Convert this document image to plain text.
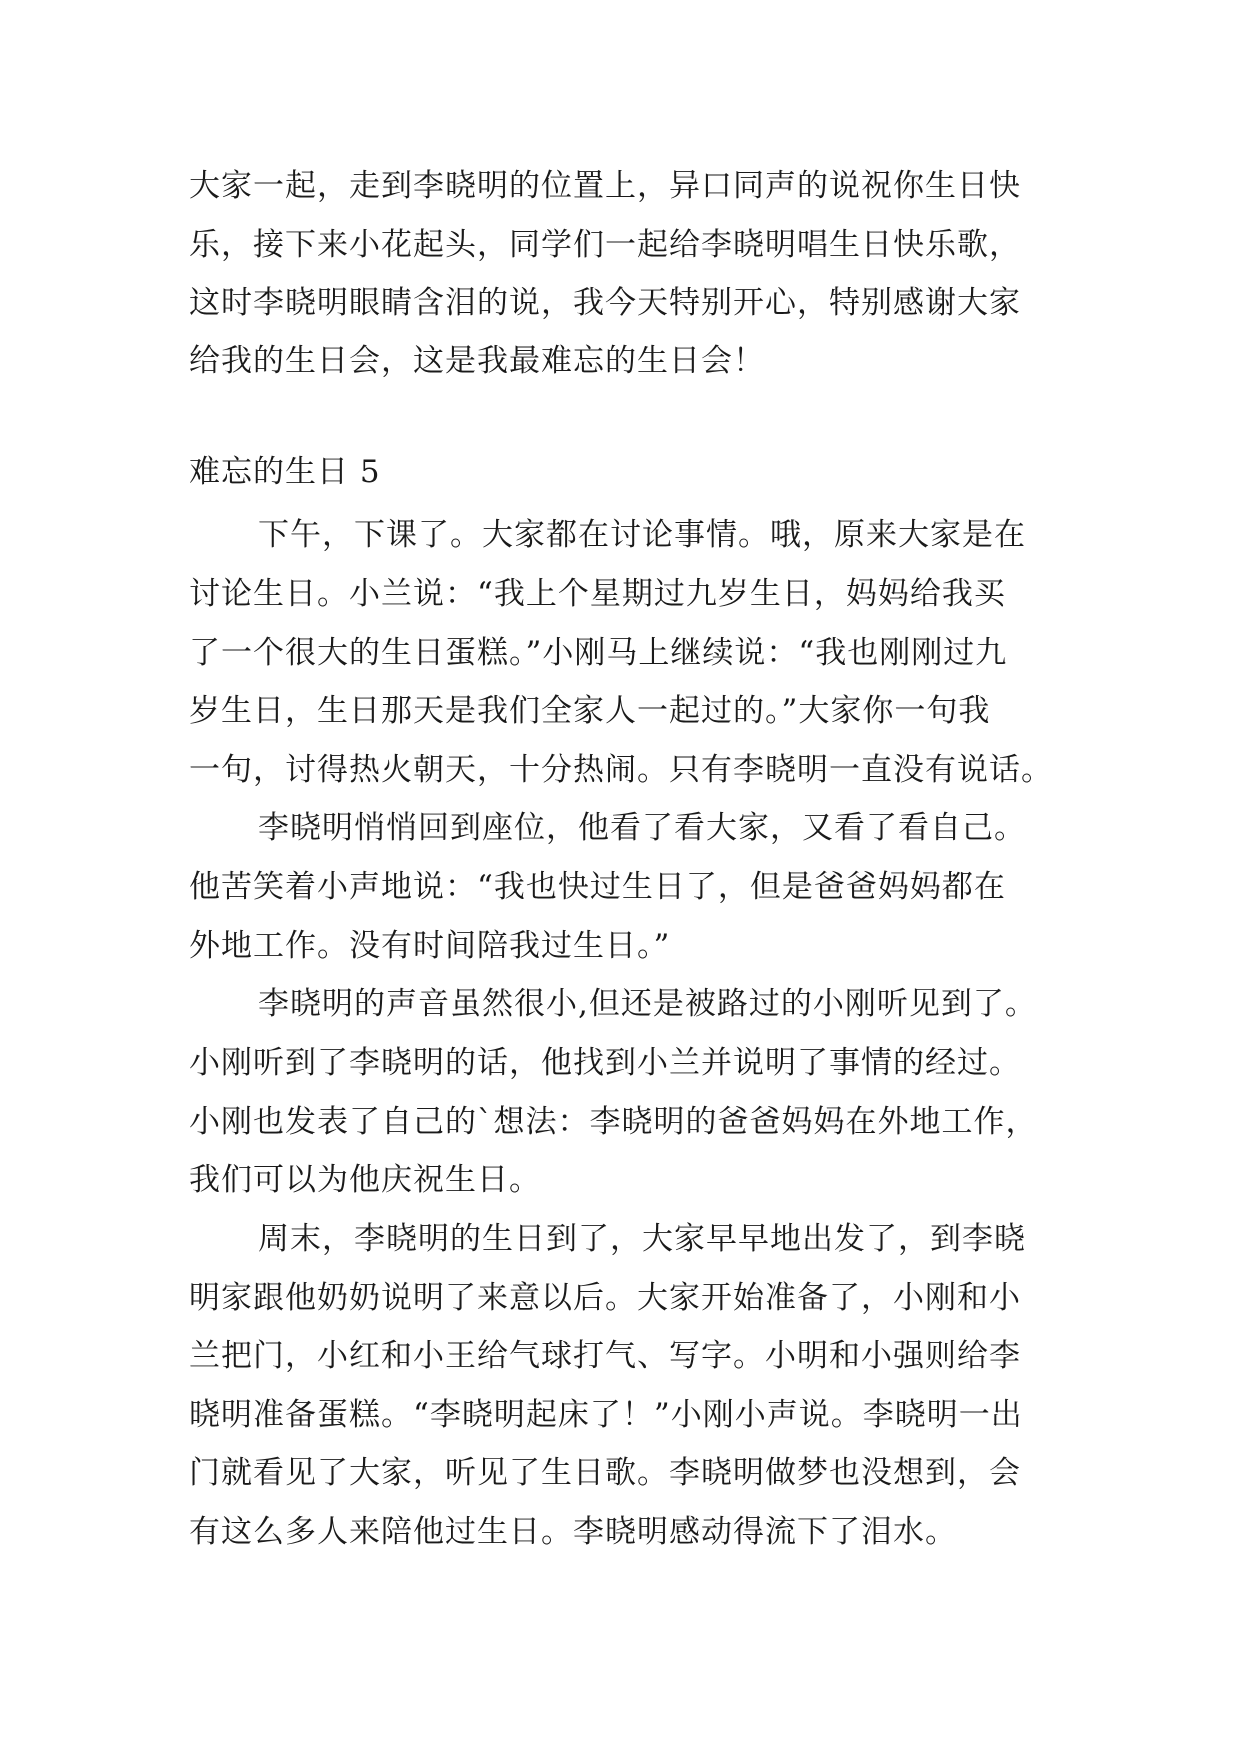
大家一起，走到李晓明的位置上，异口同声的说祝你生日快
乐，接下来小花起头，同学们一起给李晓明唱生日快乐歌，
这时李晓明眼睛含泪的说，我今天特别开心，特别感谢大家
给我的生日会，这是我最难忘的生日会！
难忘的生日 5
下午，下课了。大家都在讨论事情。哦，原来大家是在
讨论生日。小兰说：“我上个星期过九岁生日，妈妈给我买
了一个很大的生日蛋糕。”小刚马上继续说：“我也刚刚过九
岁生日，生日那天是我们全家人一起过的。”大家你一句我
一句，讨得热火朝天，十分热闹。只有李晓明一直没有说话。
李晓明悄悄回到座位，他看了看大家，又看了看自己。
他苦笑着小声地说：“我也快过生日了，但是爸爸妈妈都在
外地工作。没有时间陪我过生日。”
李晓明的声音虽然很小,但还是被路过的小刚听见到了。
小刚听到了李晓明的话，他找到小兰并说明了事情的经过。
小刚也发表了自己的`想法：李晓明的爸爸妈妈在外地工作，
我们可以为他庆祝生日。
周末，李晓明的生日到了，大家早早地出发了，到李晓
明家跟他奶奶说明了来意以后。大家开始准备了，小刚和小
兰把门，小红和小王给气球打气、写字。小明和小强则给李
晓明准备蛋糕。“李晓明起床了！”小刚小声说。李晓明一出
门就看见了大家，听见了生日歌。李晓明做梦也没想到，会
有这么多人来陪他过生日。李晓明感动得流下了泪水。
